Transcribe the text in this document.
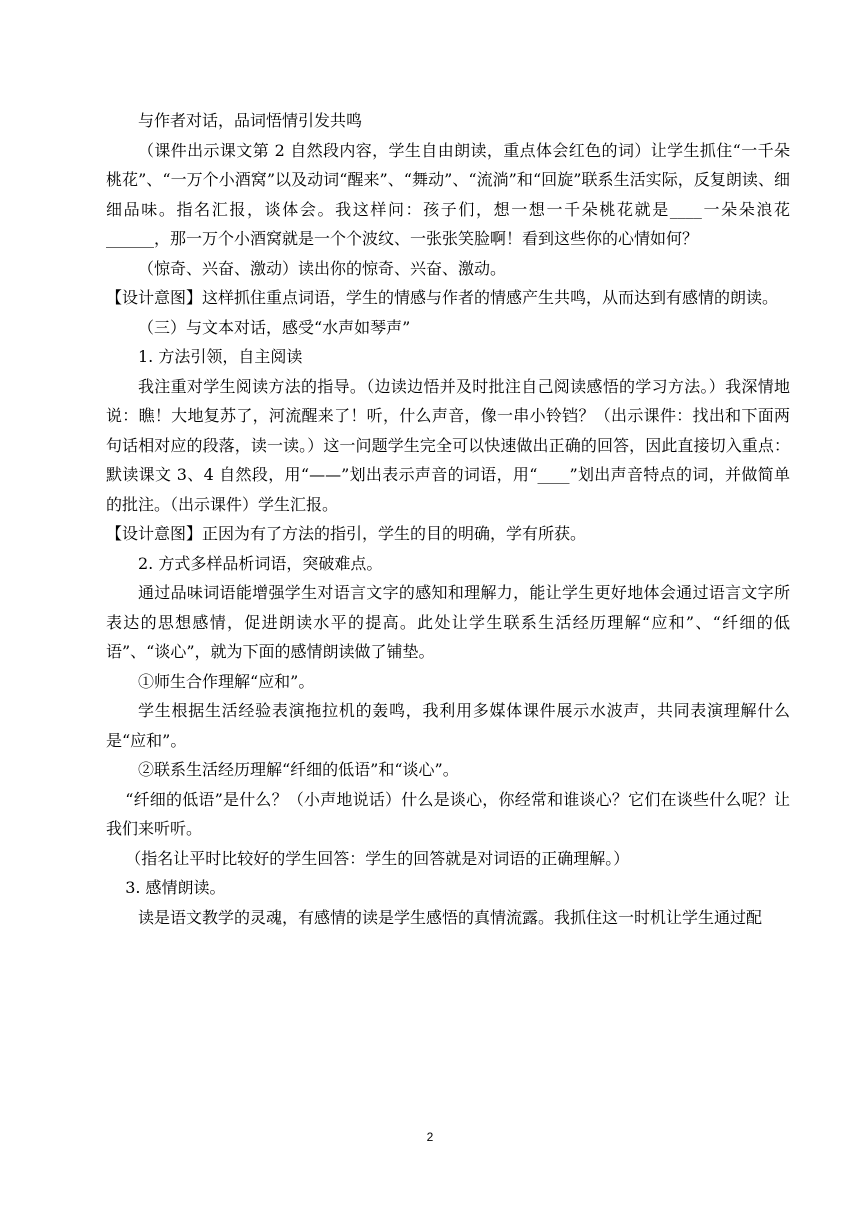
与作者对话，品词悟情引发共鸣

（课件出示课文第 2 自然段内容，学生自由朗读，重点体会红色的词）让学生抓住“一千朵桃花”、“一万个小酒窝”以及动词“醒来”、“舞动”、“流淌”和“回旋”联系生活实际，反复朗读、细细品味。指名汇报，谈体会。我这样问：孩子们，想一想一千朵桃花就是____一朵朵浪花______，那一万个小酒窝就是一个个波纹、一张张笑脸啊！看到这些你的心情如何？

（惊奇、兴奋、激动）读出你的惊奇、兴奋、激动。

【设计意图】这样抓住重点词语，学生的情感与作者的情感产生共鸣，从而达到有感情的朗读。

（三）与文本对话，感受“水声如琴声”

1. 方法引领，自主阅读

我注重对学生阅读方法的指导。（边读边悟并及时批注自己阅读感悟的学习方法。）我深情地说：瞧！大地复苏了，河流醒来了！听，什么声音，像一串小铃铛？（出示课件：找出和下面两句话相对应的段落，读一读。）这一问题学生完全可以快速做出正确的回答，因此直接切入重点：默读课文 3、4 自然段，用“——”划出表示声音的词语，用“____”划出声音特点的词，并做简单的批注。（出示课件）学生汇报。

【设计意图】正因为有了方法的指引，学生的目的明确，学有所获。

2. 方式多样品析词语，突破难点。

通过品味词语能增强学生对语言文字的感知和理解力，能让学生更好地体会通过语言文字所表达的思想感情，促进朗读水平的提高。此处让学生联系生活经历理解“应和”、“纤细的低语”、“谈心”，就为下面的感情朗读做了铺垫。

①师生合作理解“应和”。

学生根据生活经验表演拖拉机的轰鸣，我利用多媒体课件展示水波声，共同表演理解什么是“应和”。

②联系生活经历理解“纤细的低语”和“谈心”。

“纤细的低语”是什么？（小声地说话）什么是谈心，你经常和谁谈心？它们在谈些什么呢？让我们来听听。

（指名让平时比较好的学生回答：学生的回答就是对词语的正确理解。）

3. 感情朗读。

读是语文教学的灵魂，有感情的读是学生感悟的真情流露。我抓住这一时机让学生通过配

2
